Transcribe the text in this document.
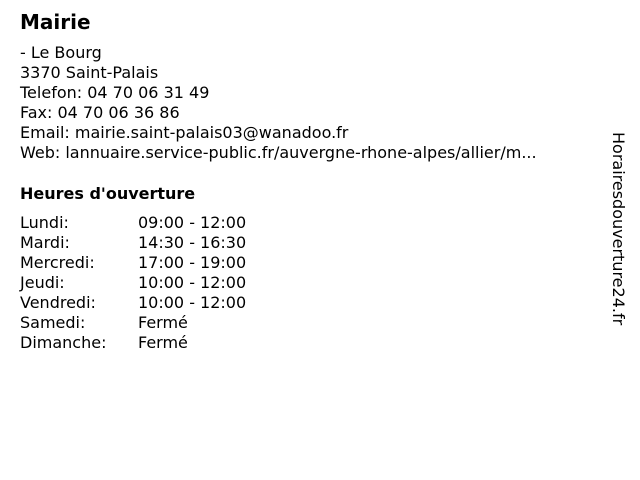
Mairie
- Le Bourg
3370 Saint-Palais
Telefon: 04 70 06 31 49
Fax: 04 70 06 36 86
Email: mairie.saint-palais03@wanadoo.fr
Web: lannuaire.service-public.fr/auvergne-rhone-alpes/allier/m...
Heures d'ouverture
Lundi:	09:00 - 12:00
Mardi:	14:30 - 16:30
Mercredi:	17:00 - 19:00
Jeudi:	10:00 - 12:00
Vendredi:	10:00 - 12:00
Samedi:	Fermé
Dimanche:	Fermé
Horairesdouverture24.fr
